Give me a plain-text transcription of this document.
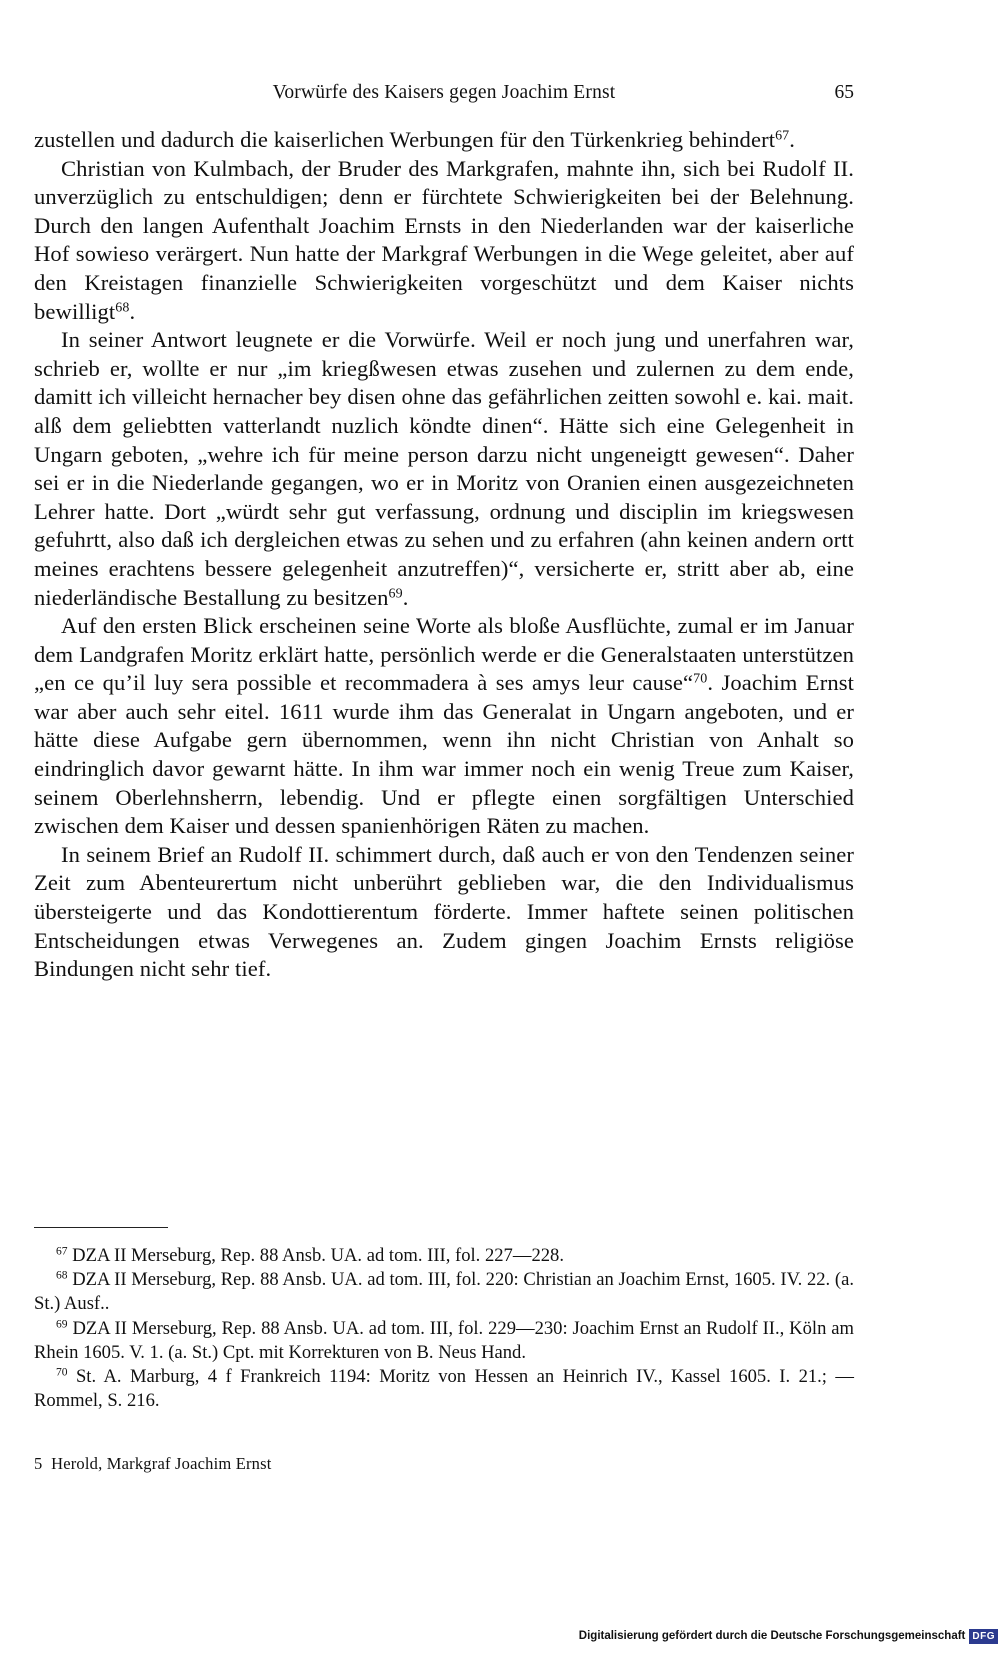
Vorwürfe des Kaisers gegen Joachim Ernst	65

zustellen und dadurch die kaiserlichen Werbungen für den Türkenkrieg behindert$^{67}$.

Christian von Kulmbach, der Bruder des Markgrafen, mahnte ihn, sich bei Rudolf II. unverzüglich zu entschuldigen; denn er fürchtete Schwierigkeiten bei der Belehnung. Durch den langen Aufenthalt Joachim Ernsts in den Niederlanden war der kaiserliche Hof sowieso verärgert. Nun hatte der Markgraf Werbungen in die Wege geleitet, aber auf den Kreistagen finanzielle Schwierigkeiten vorgeschützt und dem Kaiser nichts bewilligt$^{68}$.

In seiner Antwort leugnete er die Vorwürfe. Weil er noch jung und unerfahren war, schrieb er, wollte er nur „im kriegßwesen etwas zusehen und zulernen zu dem ende, damitt ich villeicht hernacher bey disen ohne das gefährlichen zeitten sowohl e. kai. mait. alß dem geliebtten vatterlandt nuzlich köndte dinen“. Hätte sich eine Gelegenheit in Ungarn geboten, „wehre ich für meine person darzu nicht ungeneigtt gewesen“. Daher sei er in die Niederlande gegangen, wo er in Moritz von Oranien einen ausgezeichneten Lehrer hatte. Dort „würdt sehr gut verfassung, ordnung und disciplin im kriegswesen gefuhrtt, also daß ich dergleichen etwas zu sehen und zu erfahren (ahn keinen andern ortt meines erachtens bessere gelegenheit anzutreffen)“, versicherte er, stritt aber ab, eine niederländische Bestallung zu besitzen$^{69}$.

Auf den ersten Blick erscheinen seine Worte als bloße Ausflüchte, zumal er im Januar dem Landgrafen Moritz erklärt hatte, persönlich werde er die Generalstaaten unterstützen „en ce qu’il luy sera possible et recommadera à ses amys leur cause“$^{70}$. Joachim Ernst war aber auch sehr eitel. 1611 wurde ihm das Generalat in Ungarn angeboten, und er hätte diese Aufgabe gern übernommen, wenn ihn nicht Christian von Anhalt so eindringlich davor gewarnt hätte. In ihm war immer noch ein wenig Treue zum Kaiser, seinem Oberlehnsherrn, lebendig. Und er pflegte einen sorgfältigen Unterschied zwischen dem Kaiser und dessen spanienhörigen Räten zu machen.

In seinem Brief an Rudolf II. schimmert durch, daß auch er von den Tendenzen seiner Zeit zum Abenteurertum nicht unberührt geblieben war, die den Individualismus übersteigerte und das Kondottierentum förderte. Immer haftete seinen politischen Entscheidungen etwas Verwegenes an. Zudem gingen Joachim Ernsts religiöse Bindungen nicht sehr tief.

$^{67}$ DZA II Merseburg, Rep. 88 Ansb. UA. ad tom. III, fol. 227—228.

$^{68}$ DZA II Merseburg, Rep. 88 Ansb. UA. ad tom. III, fol. 220: Christian an Joachim Ernst, 1605. IV. 22. (a. St.) Ausf..

$^{69}$ DZA II Merseburg, Rep. 88 Ansb. UA. ad tom. III, fol. 229—230: Joachim Ernst an Rudolf II., Köln am Rhein 1605. V. 1. (a. St.) Cpt. mit Korrekturen von B. Neus Hand.

$^{70}$ St. A. Marburg, 4 f Frankreich 1194: Moritz von Hessen an Heinrich IV., Kassel 1605. I. 21.; — Rommel, S. 216.

5  Herold, Markgraf Joachim Ernst
Digitalisierung gefördert durch die Deutsche Forschungsgemeinschaft DFG
